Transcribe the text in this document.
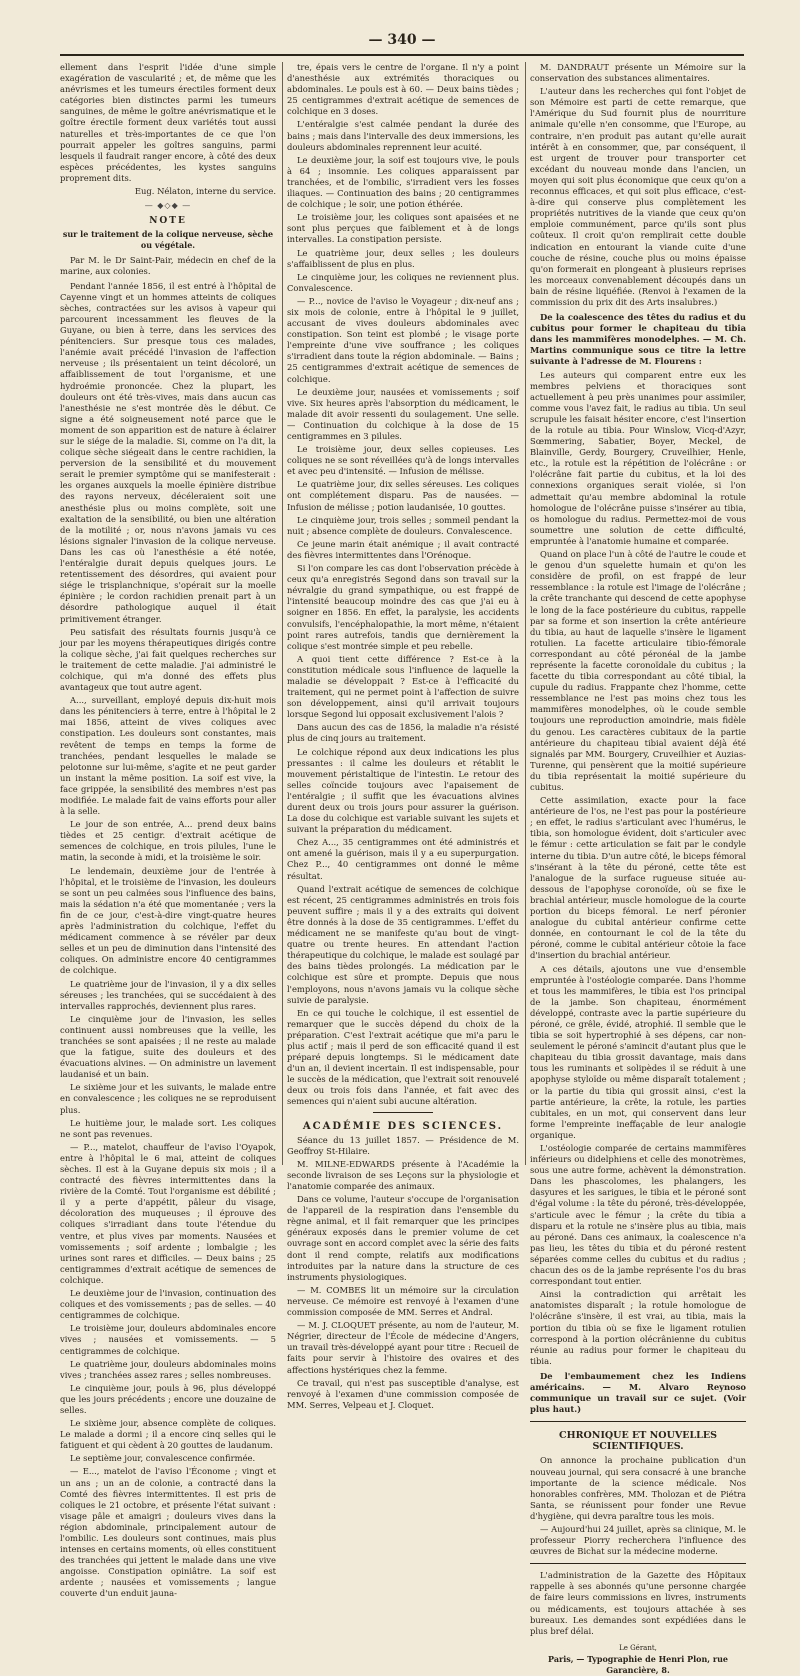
— 340 —

ellement dans l'esprit l'idée d'une simple exagération de vascularité ; et, de même que les anévrismes et les tumeurs érectiles forment deux catégories bien distinctes parmi les tumeurs sanguines, de même le goître anévrismatique et le goître érectile forment deux variétés tout aussi naturelles et très-importantes de ce que l'on pourrait appeler les goîtres sanguins, parmi lesquels il faudrait ranger encore, à côté des deux espèces précédentes, les kystes sanguins proprement dits.

Eug. Nélaton, interne du service.
— ◆◇◆ —
NOTE
sur le traitement de la colique nerveuse, sèche ou végétale.
Par M. le Dr Saint-Pair, médecin en chef de la marine, aux colonies.

Pendant l'année 1856, il est entré à l'hôpital de Cayenne vingt et un hommes atteints de coliques sèches, contractées sur les avisos à vapeur qui parcourent incessamment les fleuves de la Guyane, ou bien à terre, dans les services des pénitenciers. Sur presque tous ces malades, l'anémie avait précédé l'invasion de l'affection nerveuse ; ils présentaient un teint décoloré, un affaiblissement de tout l'organisme, et une hydroémie prononcée. Chez la plupart, les douleurs ont été très-vives, mais dans aucun cas l'anesthésie ne s'est montrée dès le début. Ce signe a été soigneusement noté parce que le moment de son apparition est de nature à éclairer sur le siége de la maladie. Si, comme on l'a dit, la colique sèche siégeait dans le centre rachidien, la perversion de la sensibilité et du mouvement serait le premier symptôme qui se manifesterait : les organes auxquels la moelle épinière distribue des rayons nerveux, décéleraient soit une anesthésie plus ou moins complète, soit une exaltation de la sensibilité, ou bien une altération de la motilité ; or, nous n'avons jamais vu ces lésions signaler l'invasion de la colique nerveuse. Dans les cas où l'anesthésie a été notée, l'entéralgie durait depuis quelques jours. Le retentissement des désordres, qui avaient pour siége le trisplanchnique, s'opérait sur la moelle épinière ; le cordon rachidien prenait part à un désordre pathologique auquel il était primitivement étranger.

Peu satisfait des résultats fournis jusqu'à ce jour par les moyens thérapeutiques dirigés contre la colique sèche, j'ai fait quelques recherches sur le traitement de cette maladie. J'ai administré le colchique, qui m'a donné des effets plus avantageux que tout autre agent.

A..., surveillant, employé depuis dix-huit mois dans les pénitenciers à terre, entre à l'hôpital le 2 mai 1856, atteint de vives coliques avec constipation. Les douleurs sont constantes, mais revêtent de temps en temps la forme de tranchées, pendant lesquelles le malade se pelotonne sur lui-même, s'agite et ne peut garder un instant la même position. La soif est vive, la face grippée, la sensibilité des membres n'est pas modifiée. Le malade fait de vains efforts pour aller à la selle.

Le jour de son entrée, A... prend deux bains tièdes et 25 centigr. d'extrait acétique de semences de colchique, en trois pilules, l'une le matin, la seconde à midi, et la troisième le soir.

Le lendemain, deuxième jour de l'entrée à l'hôpital, et le troisième de l'invasion, les douleurs se sont un peu calmées sous l'influence des bains, mais la sédation n'a été que momentanée ; vers la fin de ce jour, c'est-à-dire vingt-quatre heures après l'administration du colchique, l'effet du médicament commence à se révéler par deux selles et un peu de diminution dans l'intensité des coliques. On administre encore 40 centigrammes de colchique.

Le quatrième jour de l'invasion, il y a dix selles séreuses ; les tranchées, qui se succédaient à des intervalles rapprochés, deviennent plus rares.

Le cinquième jour de l'invasion, les selles continuent aussi nombreuses que la veille, les tranchées se sont apaisées ; il ne reste au malade que la fatigue, suite des douleurs et des évacuations alvines. — On administre un lavement laudanisé et un bain.

Le sixième jour et les suivants, le malade entre en convalescence ; les coliques ne se reproduisent plus.

Le huitième jour, le malade sort. Les coliques ne sont pas revenues.

— P..., matelot, chauffeur de l'aviso l'Oyapok, entre à l'hôpital le 6 mai, atteint de coliques sèches. Il est à la Guyane depuis six mois ; il a contracté des fièvres intermittentes dans la rivière de la Comté. Tout l'organisme est débilité ; il y a perte d'appétit, pâleur du visage, décoloration des muqueuses ; il éprouve des coliques s'irradiant dans toute l'étendue du ventre, et plus vives par moments. Nausées et vomissements ; soif ardente ; lombalgie ; les urines sont rares et difficiles. — Deux bains ; 25 centigrammes d'extrait acétique de semences de colchique.

Le deuxième jour de l'invasion, continuation des coliques et des vomissements ; pas de selles. — 40 centigrammes de colchique.

Le troisième jour, douleurs abdominales encore vives ; nausées et vomissements. — 5 centigrammes de colchique.

Le quatrième jour, douleurs abdominales moins vives ; tranchées assez rares ; selles nombreuses.

Le cinquième jour, pouls à 96, plus développé que les jours précédents ; encore une douzaine de selles.

Le sixième jour, absence complète de coliques. Le malade a dormi ; il a encore cinq selles qui le fatiguent et qui cèdent à 20 gouttes de laudanum.

Le septième jour, convalescence confirmée.

— E..., matelot de l'aviso l'Économe ; vingt et un ans ; un an de colonie, a contracté dans la Comté des fièvres intermittentes. Il est pris de coliques le 21 octobre, et présente l'état suivant : visage pâle et amaigri ; douleurs vives dans la région abdominale, principalement autour de l'ombilic. Les douleurs sont continues, mais plus intenses en certains moments, où elles constituent des tranchées qui jettent le malade dans une vive angoisse. Constipation opiniâtre. La soif est ardente ; nausées et vomissements ; langue couverte d'un enduit jauna-

tre, épais vers le centre de l'organe. Il n'y a point d'anesthésie aux extrémités thoraciques ou abdominales. Le pouls est à 60. — Deux bains tièdes ; 25 centigrammes d'extrait acétique de semences de colchique en 3 doses.

L'entéralgie s'est calmée pendant la durée des bains ; mais dans l'intervalle des deux immersions, les douleurs abdominales reprennent leur acuité.

Le deuxième jour, la soif est toujours vive, le pouls à 64 ; insomnie. Les coliques apparaissent par tranchées, et de l'ombilic, s'irradient vers les fosses iliaques. — Continuation des bains ; 20 centigrammes de colchique ; le soir, une potion éthérée.

Le troisième jour, les coliques sont apaisées et ne sont plus perçues que faiblement et à de longs intervalles. La constipation persiste.

Le quatrième jour, deux selles ; les douleurs s'affaiblissent de plus en plus.

Le cinquième jour, les coliques ne reviennent plus. Convalescence.

— P..., novice de l'aviso le Voyageur ; dix-neuf ans ; six mois de colonie, entre à l'hôpital le 9 juillet, accusant de vives douleurs abdominales avec constipation. Son teint est plombé ; le visage porte l'empreinte d'une vive souffrance ; les coliques s'irradient dans toute la région abdominale. — Bains ; 25 centigrammes d'extrait acétique de semences de colchique.

Le deuxième jour, nausées et vomissements ; soif vive. Six heures après l'absorption du médicament, le malade dit avoir ressenti du soulagement. Une selle. — Continuation du colchique à la dose de 15 centigrammes en 3 pilules.

Le troisième jour, deux selles copieuses. Les coliques ne se sont réveillées qu'à de longs intervalles et avec peu d'intensité. — Infusion de mélisse.

Le quatrième jour, dix selles séreuses. Les coliques ont complétement disparu. Pas de nausées. — Infusion de mélisse ; potion laudanisée, 10 gouttes.

Le cinquième jour, trois selles ; sommeil pendant la nuit ; absence complète de douleurs. Convalescence.

Ce jeune marin était anémique ; il avait contracté des fièvres intermittentes dans l'Orénoque.

Si l'on compare les cas dont l'observation précède à ceux qu'a enregistrés Segond dans son travail sur la névralgie du grand sympathique, ou est frappé de l'intensité beaucoup moindre des cas que j'ai eu à soigner en 1856. En effet, la paralysie, les accidents convulsifs, l'encéphalopathie, la mort même, n'étaient point rares autrefois, tandis que dernièrement la colique s'est montrée simple et peu rebelle.

A quoi tient cette différence ? Est-ce à la constitution médicale sous l'influence de laquelle la maladie se développait ? Est-ce à l'efficacité du traitement, qui ne permet point à l'affection de suivre son développement, ainsi qu'il arrivait toujours lorsque Segond lui opposait exclusivement l'alois ?

Dans aucun des cas de 1856, la maladie n'a résisté plus de cinq jours au traitement.

Le colchique répond aux deux indications les plus pressantes : il calme les douleurs et rétablit le mouvement péristaltique de l'intestin. Le retour des selles coïncide toujours avec l'apaisement de l'entéralgie ; il suffit que les évacuations alvines durent deux ou trois jours pour assurer la guérison. La dose du colchique est variable suivant les sujets et suivant la préparation du médicament.

Chez A..., 35 centigrammes ont été administrés et ont amené la guérison, mais il y a eu superpurgation. Chez P..., 40 centigrammes ont donné le même résultat.

Quand l'extrait acétique de semences de colchique est récent, 25 centigrammes administrés en trois fois peuvent suffire ; mais il y a des extraits qui doivent être donnés à la dose de 35 centigrammes. L'effet du médicament ne se manifeste qu'au bout de vingt-quatre ou trente heures. En attendant l'action thérapeutique du colchique, le malade est soulagé par des bains tièdes prolongés. La médication par le colchique est sûre et prompte. Depuis que nous l'employons, nous n'avons jamais vu la colique sèche suivie de paralysie.

En ce qui touche le colchique, il est essentiel de remarquer que le succès dépend du choix de la préparation. C'est l'extrait acétique que mi'a paru le plus actif ; mais il perd de son efficacité quand il est préparé depuis longtemps. Si le médicament date d'un an, il devient incertain. Il est indispensable, pour le succès de la médication, que l'extrait soit renouvelé deux ou trois fois dans l'année, et fait avec des semences qui n'aient subi aucune altération.

ACADÉMIE DES SCIENCES.

Séance du 13 juillet 1857. — Présidence de M. Geoffroy St-Hilaire.

M. MILNE-EDWARDS présente à l'Académie la seconde livraison de ses Leçons sur la physiologie et l'anatomie comparée des animaux.

Dans ce volume, l'auteur s'occupe de l'organisation de l'appareil de la respiration dans l'ensemble du règne animal, et il fait remarquer que les principes généraux exposés dans le premier volume de cet ouvrage sont en accord complet avec la série des faits dont il rend compte, relatifs aux modifications introduites par la nature dans la structure de ces instruments physiologiques.

— M. COMBES lit un mémoire sur la circulation nerveuse. Ce mémoire est renvoyé à l'examen d'une commission composée de MM. Serres et Andral.

— M. J. CLOQUET présente, au nom de l'auteur, M. Négrier, directeur de l'École de médecine d'Angers, un travail très-développé ayant pour titre : Recueil de faits pour servir à l'histoire des ovaires et des affections hystériques chez la femme.

Ce travail, qui n'est pas susceptible d'analyse, est renvoyé à l'examen d'une commission composée de MM. Serres, Velpeau et J. Cloquet.

M. DANDRAUT présente un Mémoire sur la conservation des substances alimentaires.

L'auteur dans les recherches qui font l'objet de son Mémoire est parti de cette remarque, que l'Amérique du Sud fournit plus de nourriture animale qu'elle n'en consomme, que l'Europe, au contraire, n'en produit pas autant qu'elle aurait intérêt à en consommer, que, par conséquent, il est urgent de trouver pour transporter cet excédant du nouveau monde dans l'ancien, un moyen qui soit plus économique que ceux qu'on a reconnus efficaces, et qui soit plus efficace, c'est-à-dire qui conserve plus complètement les propriétés nutritives de la viande que ceux qu'on emploie communément, parce qu'ils sont plus coûteux. Il croit qu'on remplirait cette double indication en entourant la viande cuite d'une couche de résine, couche plus ou moins épaisse qu'on formerait en plongeant à plusieurs reprises les morceaux convenablement découpés dans un bain de résine liquéfiée. (Renvoi à l'examen de la commission du prix dit des Arts insalubres.)

De la coalescence des têtes du radius et du cubitus pour former le chapiteau du tibia dans les mammifères monodelphes. — M. Ch. Martins communique sous ce titre la lettre suivante à l'adresse de M. Flourens :

Les auteurs qui comparent entre eux les membres pelviens et thoraciques sont actuellement à peu près unanimes pour assimiler, comme vous l'avez fait, le radius au tibia. Un seul scrupule les faisait hésiter encore, c'est l'insertion de la rotule au tibia. Pour Winslow, Vicq-d'Azyr, Sœmmering, Sabatier, Boyer, Meckel, de Blainville, Gerdy, Bourgery, Cruveilhier, Henle, etc., la rotule est la répétition de l'olécrâne : or l'olécrâne fait partie du cubitus, et la loi des connexions organiques serait violée, si l'on admettait qu'au membre abdominal la rotule homologue de l'olécrâne puisse s'insérer au tibia, os homologue du radius. Permettez-moi de vous soumettre une solution de cette difficulté, empruntée à l'anatomie humaine et comparée.

Quand on place l'un à côté de l'autre le coude et le genou d'un squelette humain et qu'on les considère de profil, on est frappé de leur ressemblance : la rotule est l'image de l'olécrâne ; la crête tranchante qui descend de cette apophyse le long de la face postérieure du cubitus, rappelle par sa forme et son insertion la crête antérieure du tibia, au haut de laquelle s'insère le ligament rotulien. La facette articulaire tibio-fémorale correspondant au côté péronéal de la jambe représente la facette coronoïdale du cubitus ; la facette du tibia correspondant au côté tibial, la cupule du radius. Frappante chez l'homme, cette ressemblance ne l'est pas moins chez tous les mammifères monodelphes, où le coude semble toujours une reproduction amoindrie, mais fidèle du genou. Les caractères cubitaux de la partie antérieure du chapiteau tibial avaient déjà été signalés par MM. Bourgery, Cruveilhier et Auzias-Turenne, qui pensèrent que la moitié supérieure du tibia représentait la moitié supérieure du cubitus.

Cette assimilation, exacte pour la face antérieure de l'os, ne l'est pas pour la postérieure ; en effet, le radius s'articulant avec l'humérus, le tibia, son homologue évident, doit s'articuler avec le fémur : cette articulation se fait par le condyle interne du tibia. D'un autre côté, le biceps fémoral s'insérant à la tête du péroné, cette tête est l'analogue de la surface rugueuse située au-dessous de l'apophyse coronoïde, où se fixe le brachial antérieur, muscle homologue de la courte portion du biceps fémoral. Le nerf péronier analogue du cubital antérieur confirme cette donnée, en contournant le col de la tête du péroné, comme le cubital antérieur côtoie la face d'insertion du brachial antérieur.

A ces détails, ajoutons une vue d'ensemble empruntée à l'ostéologie comparée. Dans l'homme et tous les mammifères, le tibia est l'os principal de la jambe. Son chapiteau, énormément développé, contraste avec la partie supérieure du péroné, ce grêle, évidé, atrophié. Il semble que le tibia se soit hypertrophié à ses dépens, car non-seulement le péroné s'amincit d'autant plus que le chapiteau du tibia grossit davantage, mais dans tous les ruminants et solipèdes il se réduit à une apophyse styloïde ou même disparaît totalement ; or la partie du tibia qui grossit ainsi, c'est la partie antérieure, la crête, la rotule, les parties cubitales, en un mot, qui conservent dans leur forme l'empreinte ineffaçable de leur analogie organique.

L'ostéologie comparée de certains mammifères inférieurs ou didelphiens et celle des monotrèmes, sous une autre forme, achèvent la démonstration. Dans les phascolomes, les phalangers, les dasyures et les sarigues, le tibia et le péroné sont d'égal volume : la tête du péroné, très-développée, s'articule avec le fémur ; la crête du tibia a disparu et la rotule ne s'insère plus au tibia, mais au péroné. Dans ces animaux, la coalescence n'a pas lieu, les têtes du tibia et du péroné restent séparées comme celles du cubitus et du radius ; chacun des os de la jambe représente l'os du bras correspondant tout entier.

Ainsi la contradiction qui arrêtait les anatomistes disparaît ; la rotule homologue de l'olécrâne s'insère, il est vrai, au tibia, mais la portion du tibia où se fixe le ligament rotulien correspond à la portion olécrânienne du cubitus réunie au radius pour former le chapiteau du tibia.

De l'embaumement chez les Indiens américains. — M. Alvaro Reynoso communique un travail sur ce sujet. (Voir plus haut.)
CHRONIQUE ET NOUVELLES SCIENTIFIQUES.

On annonce la prochaine publication d'un nouveau journal, qui sera consacré à une branche importante de la science médicale. Nos honorables confrères, MM. Tholozan et de Piétra Santa, se réunissent pour fonder une Revue d'hygiène, qui devra paraître tous les mois.

— Aujourd'hui 24 juillet, après sa clinique, M. le professeur Piorry recherchera l'influence des œuvres de Bichat sur la médecine moderne.

L'administration de la Gazette des Hôpitaux rappelle à ses abonnés qu'une personne chargée de faire leurs commissions en livres, instruments ou médicaments, est toujours attachée à ses bureaux. Les demandes sont expédiées dans le plus bref délai.

Le Gérant,
Paris, — Typographie de Henri Plon, rue Garancière, 8.
